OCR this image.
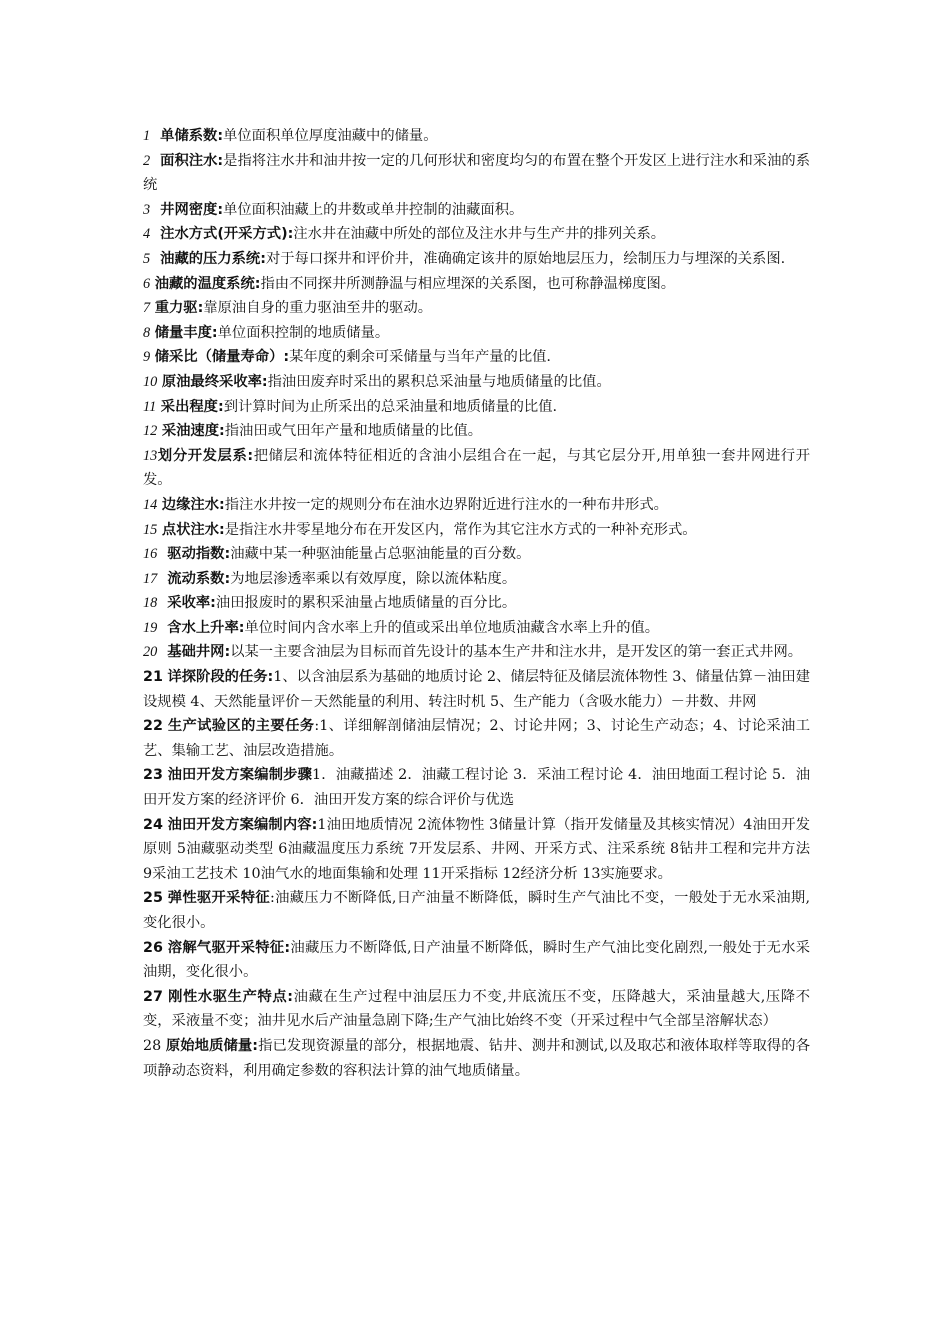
1 单储系数:单位面积单位厚度油藏中的储量。

2 面积注水:是指将注水井和油井按一定的几何形状和密度均匀的布置在整个开发区上进行注水和采油的系统

3 井网密度:单位面积油藏上的井数或单井控制的油藏面积。

4 注水方式(开采方式):注水井在油藏中所处的部位及注水井与生产井的排列关系。

5 油藏的压力系统:对于每口探井和评价井，准确确定该井的原始地层压力，绘制压力与埋深的关系图.

6 油藏的温度系统:指由不同探井所测静温与相应埋深的关系图，也可称静温梯度图。

7 重力驱:靠原油自身的重力驱油至井的驱动。

8 储量丰度:单位面积控制的地质储量。

9 储采比（储量寿命）:某年度的剩余可采储量与当年产量的比值.

10 原油最终采收率:指油田废弃时采出的累积总采油量与地质储量的比值。

11 采出程度:到计算时间为止所采出的总采油量和地质储量的比值.

12 采油速度:指油田或气田年产量和地质储量的比值。

13划分开发层系:把储层和流体特征相近的含油小层组合在一起，与其它层分开,用单独一套井网进行开发。

14 边缘注水:指注水井按一定的规则分布在油水边界附近进行注水的一种布井形式。

15 点状注水:是指注水井零星地分布在开发区内，常作为其它注水方式的一种补充形式。

16 驱动指数:油藏中某一种驱油能量占总驱油能量的百分数。

17 流动系数:为地层渗透率乘以有效厚度，除以流体粘度。

18 采收率:油田报废时的累积采油量占地质储量的百分比。

19 含水上升率:单位时间内含水率上升的值或采出单位地质油藏含水率上升的值。

20 基础井网:以某一主要含油层为目标而首先设计的基本生产井和注水井，是开发区的第一套正式井网。

21 详探阶段的任务:1、以含油层系为基础的地质讨论 2、储层特征及储层流体物性 3、储量估算－油田建设规模 4、天然能量评价－天然能量的利用、转注时机 5、生产能力（含吸水能力）－井数、井网

22 生产试验区的主要任务:1、详细解剖储油层情况；2、讨论井网；3、讨论生产动态；4、讨论采油工艺、集输工艺、油层改造措施。

23 油田开发方案编制步骤1．油藏描述 2．油藏工程讨论 3．采油工程讨论 4．油田地面工程讨论 5．油田开发方案的经济评价 6．油田开发方案的综合评价与优选

24 油田开发方案编制内容:1油田地质情况 2流体物性 3储量计算（指开发储量及其核实情况）4油田开发原则 5油藏驱动类型 6油藏温度压力系统 7开发层系、井网、开采方式、注采系统 8钻井工程和完井方法 9采油工艺技术 10油气水的地面集输和处理 11开采指标 12经济分析 13实施要求。

25 弹性驱开采特征:油藏压力不断降低,日产油量不断降低，瞬时生产气油比不变，一般处于无水采油期,变化很小。

26 溶解气驱开采特征:油藏压力不断降低,日产油量不断降低，瞬时生产气油比变化剧烈,一般处于无水采油期，变化很小。

27 刚性水驱生产特点:油藏在生产过程中油层压力不变,井底流压不变，压降越大，采油量越大,压降不变，采液量不变；油井见水后产油量急剧下降;生产气油比始终不变（开采过程中气全部呈溶解状态）

28 原始地质储量:指已发现资源量的部分，根据地震、钻井、测井和测试,以及取芯和液体取样等取得的各项静动态资料，利用确定参数的容积法计算的油气地质储量。
